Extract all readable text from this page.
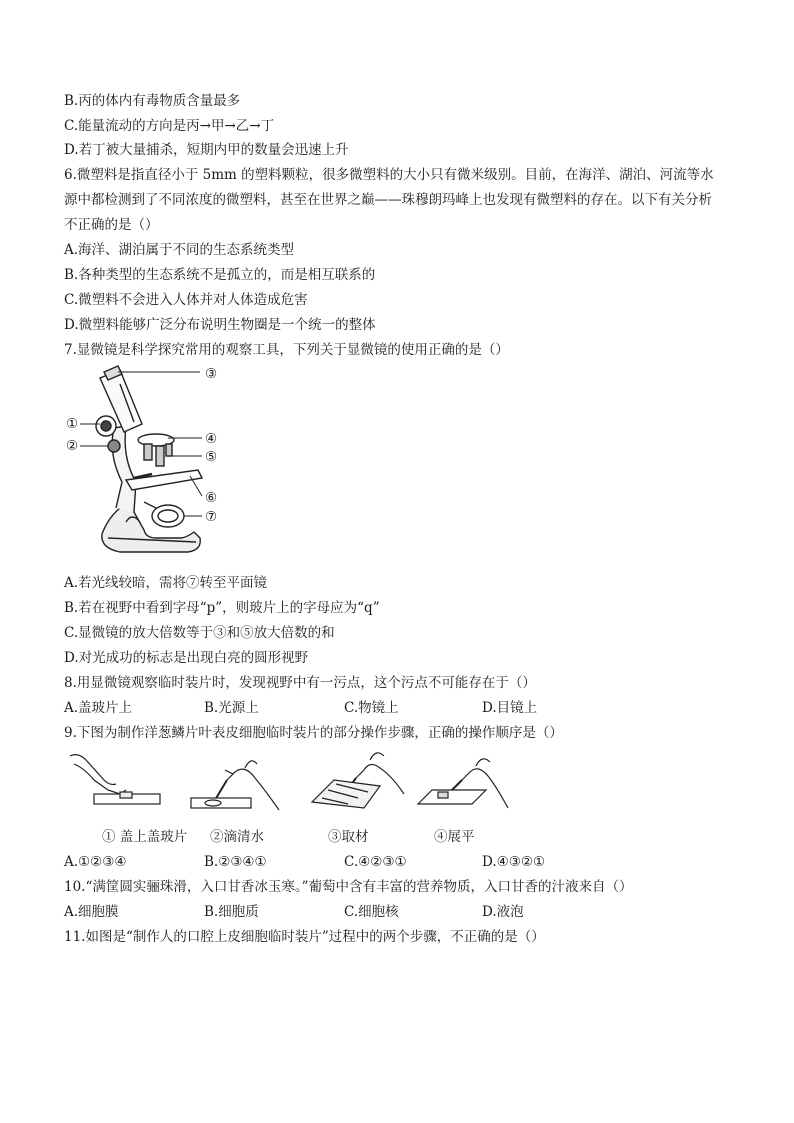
B.丙的体内有毒物质含量最多
C.能量流动的方向是丙→甲→乙→丁
D.若丁被大量捕杀，短期内甲的数量会迅速上升
6.微塑料是指直径小于 5mm 的塑料颗粒，很多微塑料的大小只有微米级别。目前，在海洋、湖泊、河流等水
源中都检测到了不同浓度的微塑料，甚至在世界之巅——珠穆朗玛峰上也发现有微塑料的存在。以下有关分析
不正确的是（）
A.海洋、湖泊属于不同的生态系统类型
B.各种类型的生态系统不是孤立的，而是相互联系的
C.微塑料不会进入人体并对人体造成危害
D.微塑料能够广泛分布说明生物圈是一个统一的整体
7.显微镜是科学探究常用的观察工具，下列关于显微镜的使用正确的是（）
③
①
②	④
⑤
⑥
⑦
A.若光线较暗，需将⑦转至平面镜
B.若在视野中看到字母“p”，则玻片上的字母应为“q”
C.显微镜的放大倍数等于③和⑤放大倍数的和
D.对光成功的标志是出现白亮的圆形视野
8.用显微镜观察临时装片时，发现视野中有一污点，这个污点不可能存在于（）
A.盖玻片上	B.光源上	C.物镜上	D.目镜上
9.下图为制作洋葱鳞片叶表皮细胞临时装片的部分操作步骤，正确的操作顺序是（）
① 盖上盖玻片 ②滴清水	③取材	④展平
A.①②③④	B.②③④①	C.④②③①	D.④③②①
10.“满筐圆实骊珠滑，入口甘香冰玉寒。”葡萄中含有丰富的营养物质，入口甘香的汁液来自（）
A.细胞膜	B.细胞质	C.细胞核	D.液泡
11.如图是“制作人的口腔上皮细胞临时装片”过程中的两个步骤，不正确的是（）
